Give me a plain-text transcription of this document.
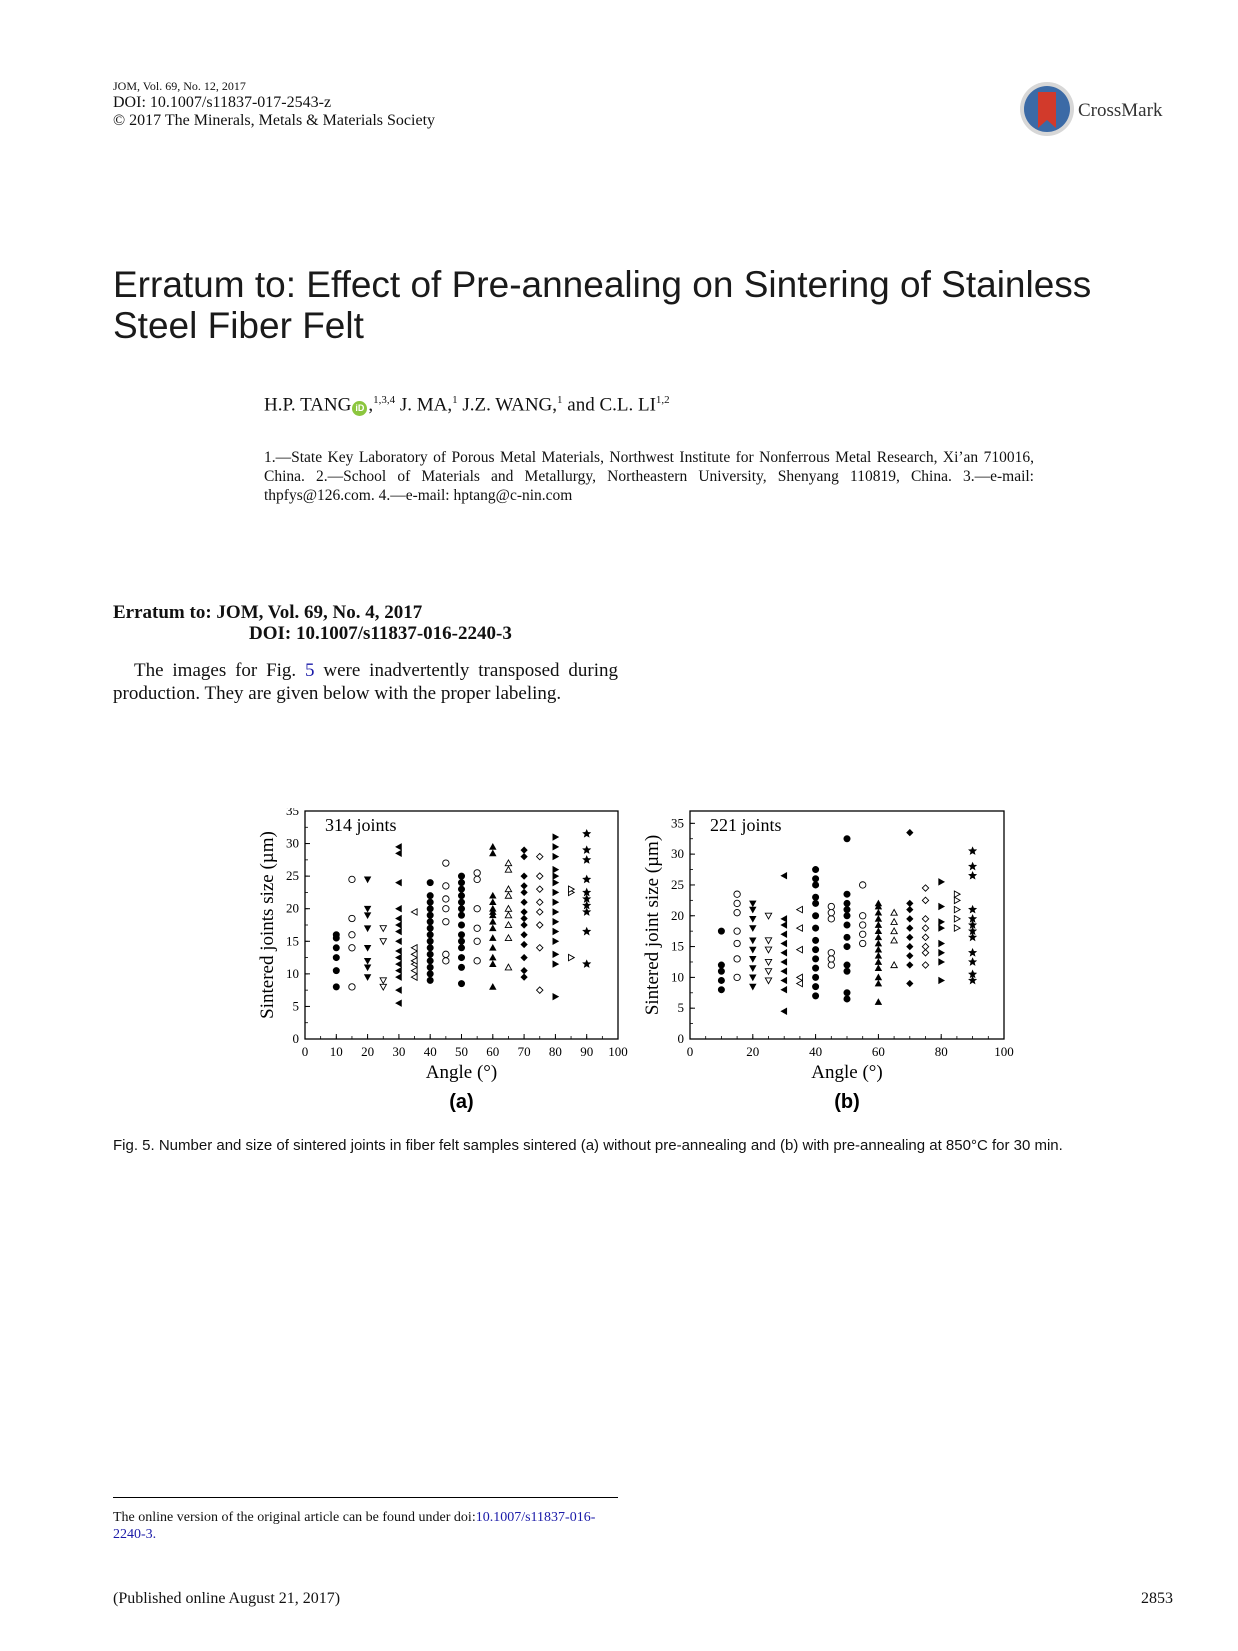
JOM, Vol. 69, No. 12, 2017
DOI: 10.1007/s11837-017-2543-z
© 2017 The Minerals, Metals & Materials Society	CrossMark
Erratum to: Effect of Pre-annealing on Sintering of Stainless Steel Fiber Felt
H.P. TANG iD ,$^{1,3,4}$ J. MA,$^1$ J.Z. WANG,$^1$ and C.L. LI$^{1,2}$
1.—State Key Laboratory of Porous Metal Materials, Northwest Institute for Nonferrous Metal Research, Xi’an 710016, China. 2.—School of Materials and Metallurgy, Northeastern University, Shenyang 110819, China. 3.—e-mail: thpfys@126.com. 4.—e-mail: hptang@c-nin.com
Erratum to: JOM, Vol. 69, No. 4, 2017
DOI: 10.1007/s11837-016-2240-3
The images for Fig. 5 were inadvertently transposed during production. They are given below with the proper labeling.
0 10 20 30 40 50 60 70 80 90 100
0
5
10
15
20
25
30
35
Angle (°)
Sintered joints size (µm)
314 joints
(a)
0	20	40	60	80	100
0
5
10
15
20
25
30
35
Angle (°)
Sintered joint size (µm)
221 joints
(b)
Fig. 5. Number and size of sintered joints in fiber felt samples sintered (a) without pre-annealing and (b) with pre-annealing at 850°C for 30 min.
The online version of the original article can be found under doi:10.1007/s11837-016-2240-3.
(Published online August 21, 2017)	2853
